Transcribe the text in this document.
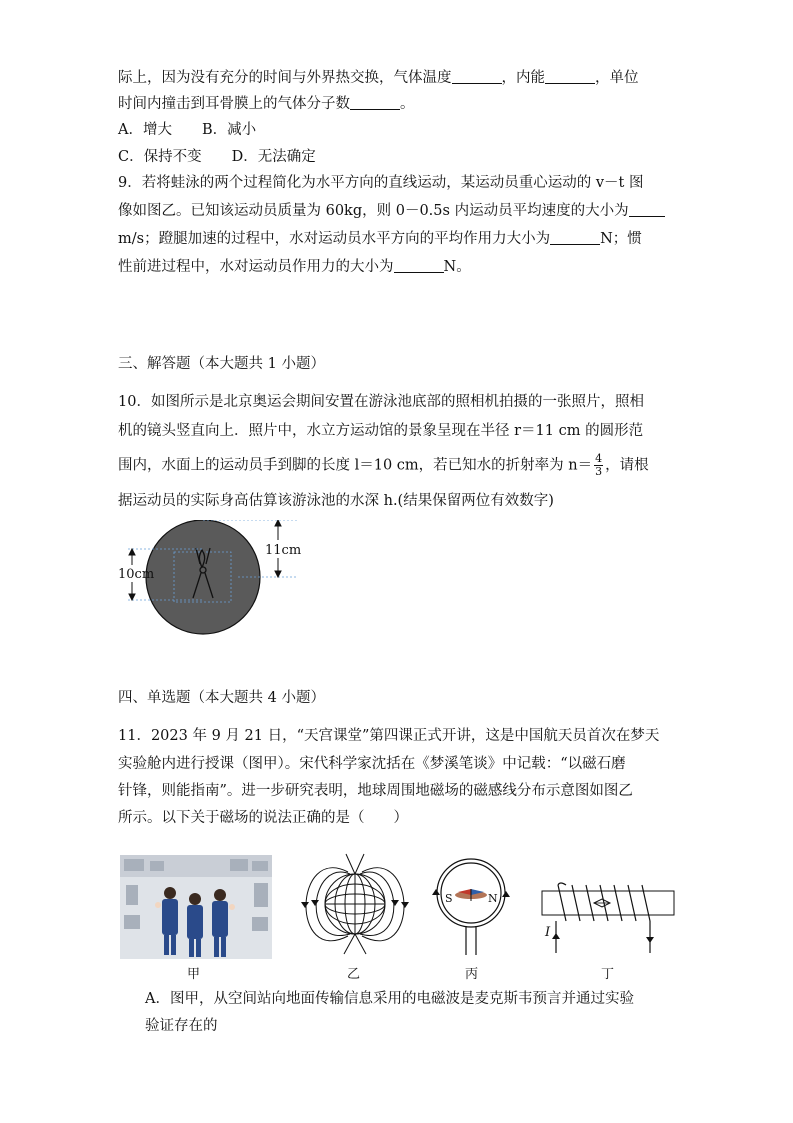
际上，因为没有充分的时间与外界热交换，气体温度	，内能	，单位
时间内撞击到耳骨膜上的气体分子数	。
A．增大 B．减小
C．保持不变 D．无法确定
9．若将蛙泳的两个过程简化为水平方向的直线运动，某运动员重心运动的 v－t 图
像如图乙。已知该运动员质量为 60kg，则 0－0.5s 内运动员平均速度的大小为
m/s；蹬腿加速的过程中，水对运动员水平方向的平均作用力大小为	N；惯
性前进过程中，水对运动员作用力的大小为	N。
三、解答题（本大题共 1 小题）
10．如图所示是北京奥运会期间安置在游泳池底部的照相机拍摄的一张照片，照相
机的镜头竖直向上．照片中，水立方运动馆的景象呈现在半径 r＝11 cm 的圆形范
围内，水面上的运动员手到脚的长度 l＝10 cm，若已知水的折射率为 $n= \frac{4}{3}$ ，请根
据运动员的实际身高估算该游泳池的水深 h.(结果保留两位有效数字)
10cm
11cm
四、单选题（本大题共 4 小题）
11．2023 年 9 月 21 日，“天宫课堂”第四课正式开讲，这是中国航天员首次在梦天
实验舱内进行授课（图甲）。宋代科学家沈括在《梦溪笔谈》中记载：“以磁石磨
针锋，则能指南”。进一步研究表明，地球周围地磁场的磁感线分布示意图如图乙
所示。以下关于磁场的说法正确的是（　　）
S	N
I
甲	乙	丙	丁
A．图甲，从空间站向地面传输信息采用的电磁波是麦克斯韦预言并通过实验
验证存在的
